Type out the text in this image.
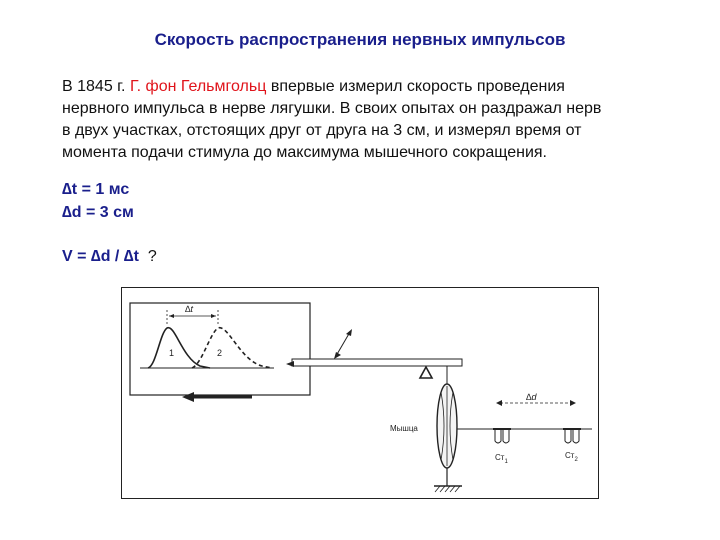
Скорость распространения нервных импульсов
В 1845 г. Г. фон Гельмгольц впервые измерил скорость проведения
нервного импульса в нерве лягушки. В своих опытах он раздражал нерв
в двух участках, отстоящих друг от друга на 3 см, и измерял время от
момента подачи стимула до максимума мышечного сокращения.
∆t = 1 мс
∆d = 3 см
V = ∆d / ∆t ?
∆t
1	2
Мышца
∆d
$Ст_1$
$Ст_2$
